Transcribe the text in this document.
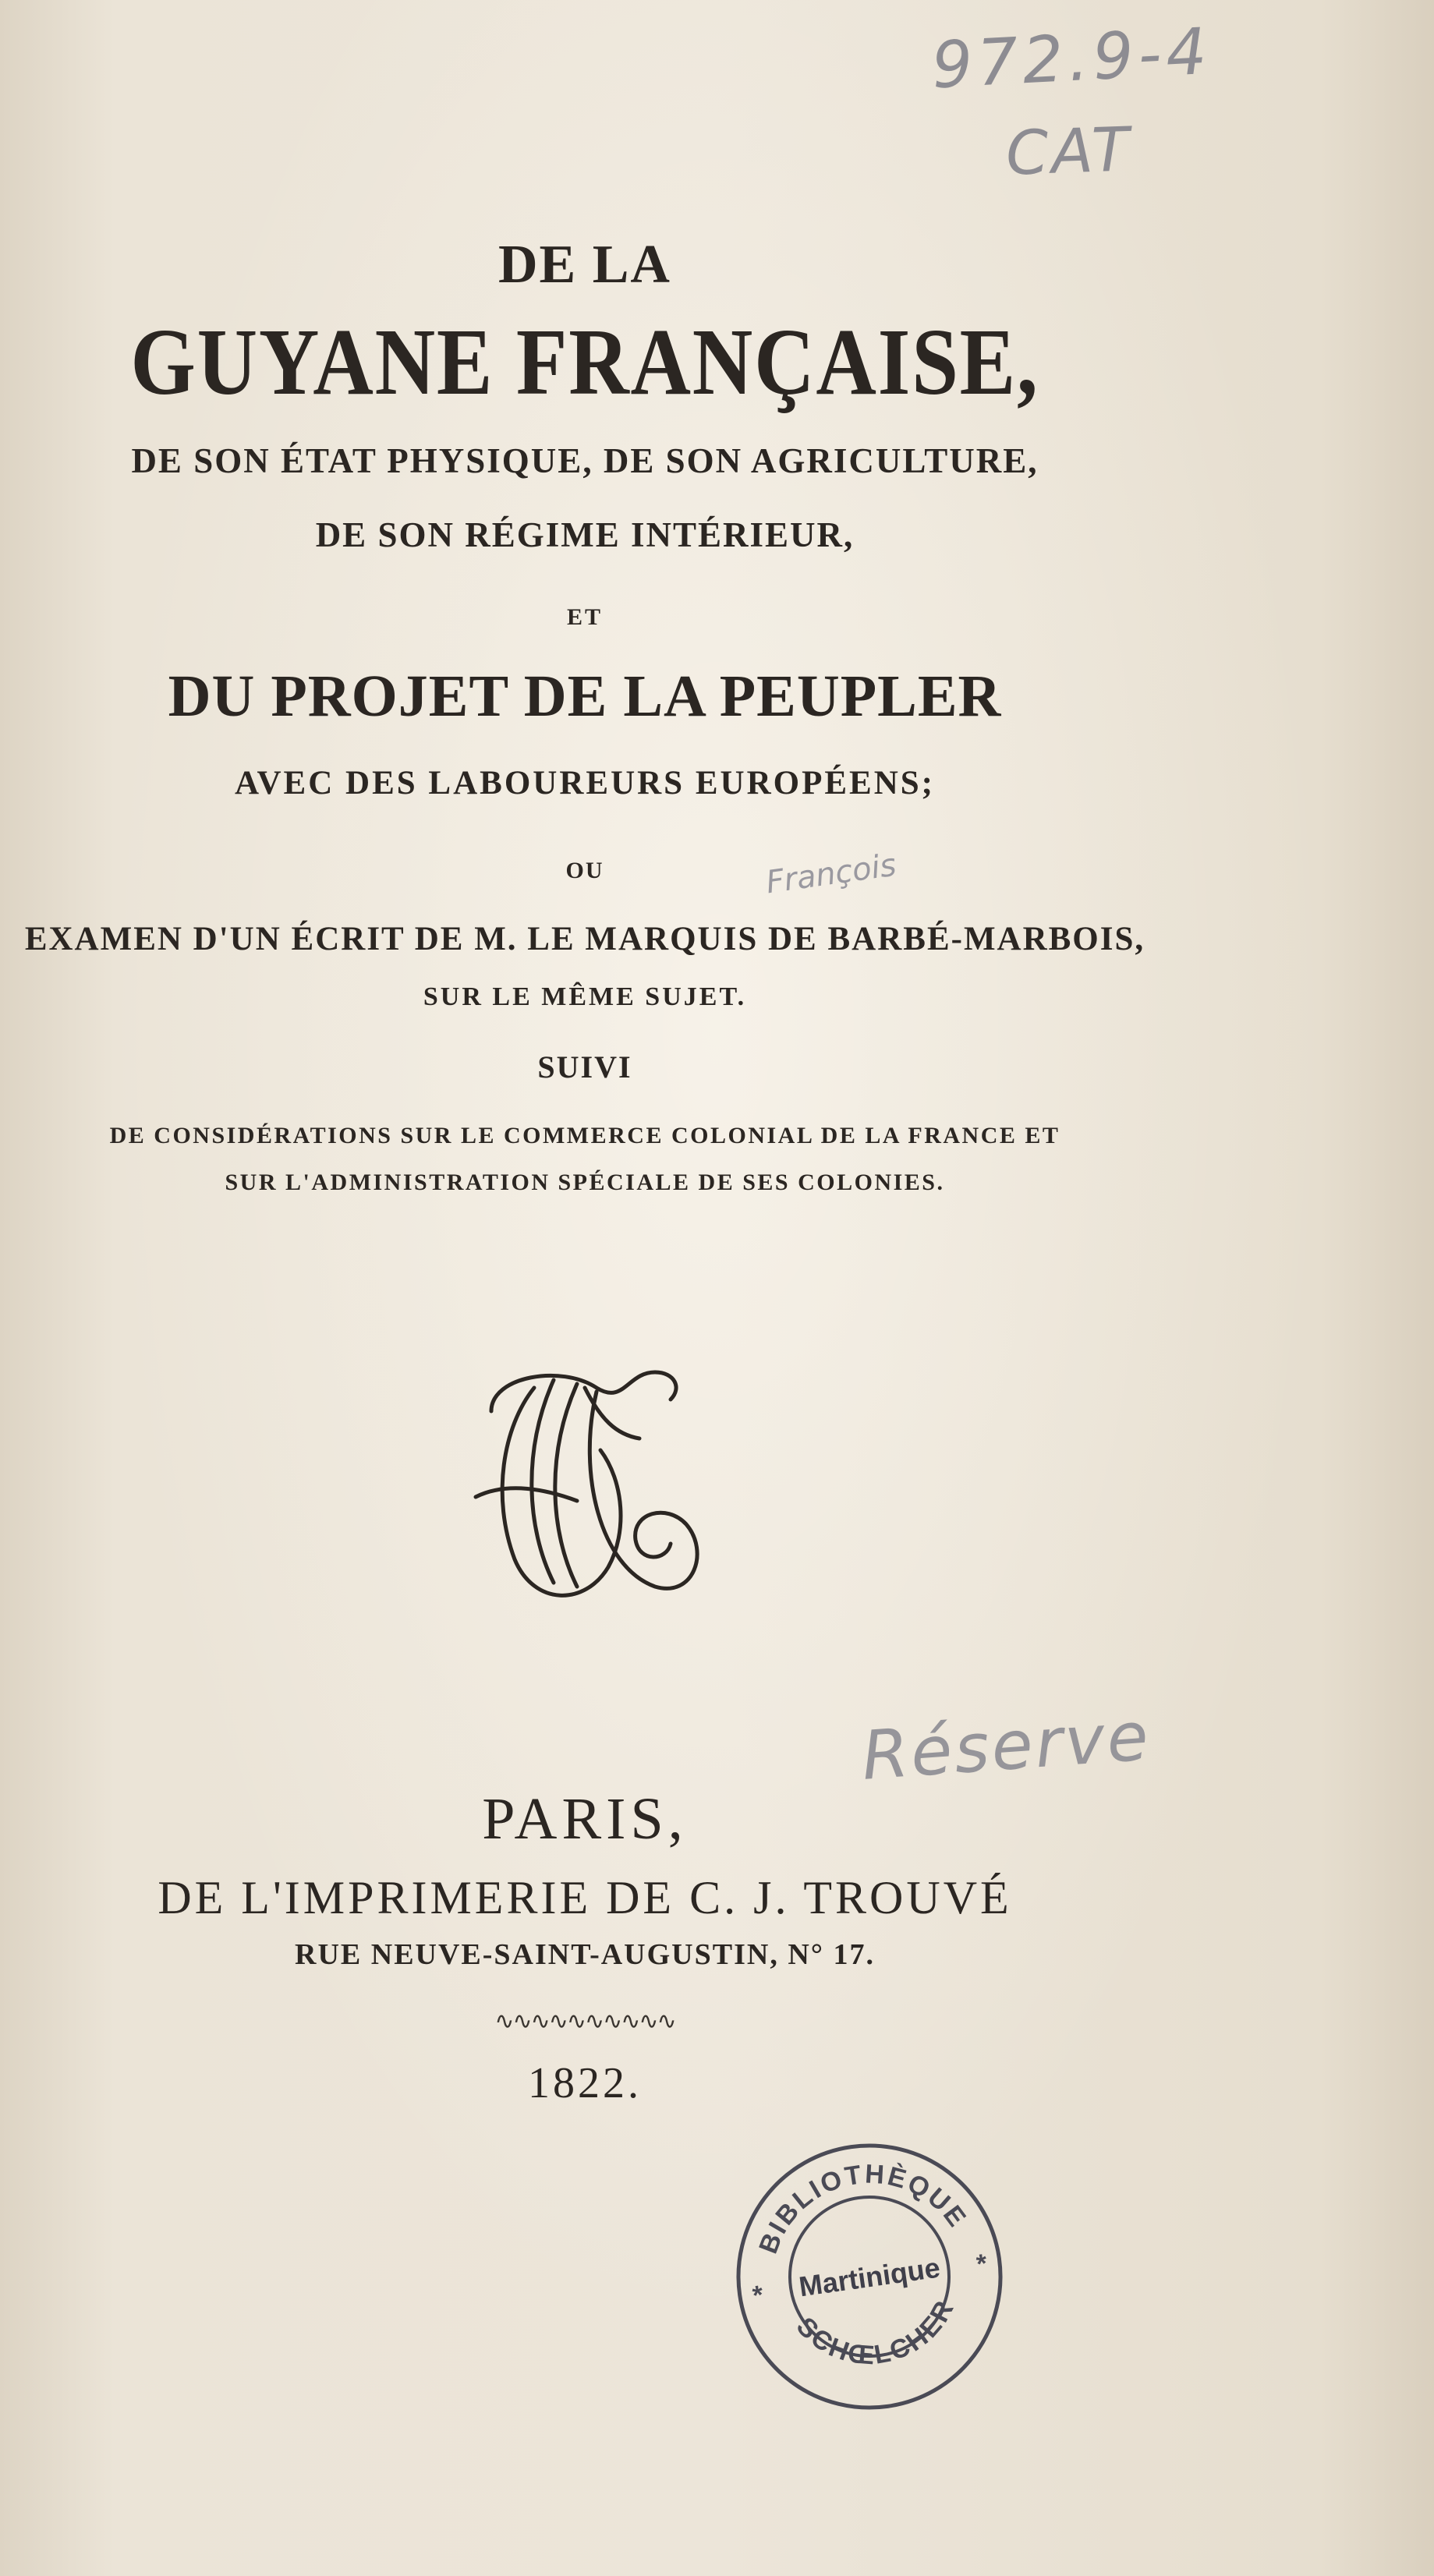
972.9-4
CAT

DE LA

GUYANE FRANÇAISE,

DE SON ÉTAT PHYSIQUE, DE SON AGRICULTURE,

DE SON RÉGIME INTÉRIEUR,

ET

DU PROJET DE LA PEUPLER

AVEC DES LABOUREURS EUROPÉENS;

OU	François

EXAMEN D'UN ÉCRIT DE M. LE MARQUIS DE BARBÉ-MARBOIS,

SUR LE MÊME SUJET.

SUIVI

DE CONSIDÉRATIONS SUR LE COMMERCE COLONIAL DE LA FRANCE ET

SUR L'ADMINISTRATION SPÉCIALE DE SES COLONIES.

Réserve

PARIS,

DE L'IMPRIMERIE DE C. J. TROUVÉ

RUE NEUVE-SAINT-AUGUSTIN, N° 17.

∿∿∿∿∿∿∿∿∿∿

1822.

BIBLIOTHÈQUE
SCHŒLCHER
Martinique
*
*
